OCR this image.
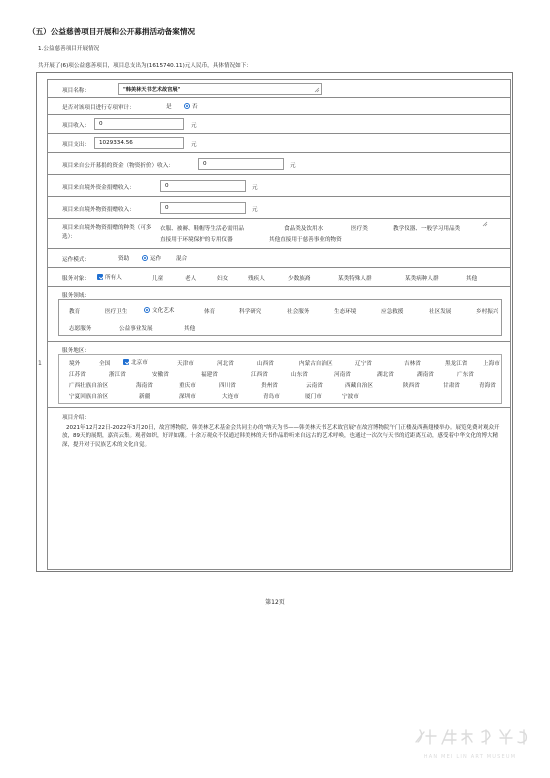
（五）公益慈善项目开展和公开募捐活动备案情况
1.公益慈善项目开展情况
共开展了(6)项公益慈善项目，项目总支出为(1615740.11)元人民币，具体情况如下：
1
项目名称：	"韩美林天书艺术故宫展"
是否对该项目进行专项审计：	是	否
项目收入： 0	元
项目支出： 1029334.56	元
项目来自公开募捐的资金（物资折价）收入：	0	元
项目来自境外资金捐赠收入：	0	元
项目来自境外物资捐赠收入：	0	元
项目来自境外物资捐赠的种类（可多选）：
衣服、被褥、鞋帽等生活必需用品	食品类及饮用水	医疗类	教学仪器、一般学习用品类
直接用于环境保护的专用仪器	其他直接用于慈善事业的物资
运作模式：	资助	运作	混合
服务对象：	所有人	儿童	老人	妇女	残疾人	少数族裔	某类特殊人群	某类病种人群	其他
服务领域：
教育	医疗卫生	文化艺术	体育	科学研究	社会服务	生态环境	应急救援	社区发展	乡村振兴
志愿服务	公益事业发展	其他
服务地区：
境外	全国	北京市	天津市	河北省	山西省	内蒙古自治区	辽宁省	吉林省	黑龙江省	上海市
江苏省	浙江省	安徽省	福建省	江西省	山东省	河南省	湖北省	湖南省	广东省
广西壮族自治区	海南省	重庆市	四川省	贵州省	云南省	西藏自治区	陕西省	甘肃省	青海省
宁夏回族自治区	新疆	深圳市	大连市	青岛市	厦门市	宁波市
项目介绍：
2021年12月22日-2022年3月20日，故宫博物院、韩美林艺术基金会共同主办的"纳天为书——韩美林天书艺术故宫展"在故宫博物院午门正楼及西燕翅楼举办。展览免费对观众开放，89天的展期，嘉宾云集。观者如织，好评如潮。十余万观众不仅通过韩美林的天书作品聆听来自远古的艺术呼唤，也通过一次次与天书的近距离互动，感受着中华文化的博大精深，提升对于民族艺术的文化自觉。
第12页
HAN MEI LIN ART MUSEUM
